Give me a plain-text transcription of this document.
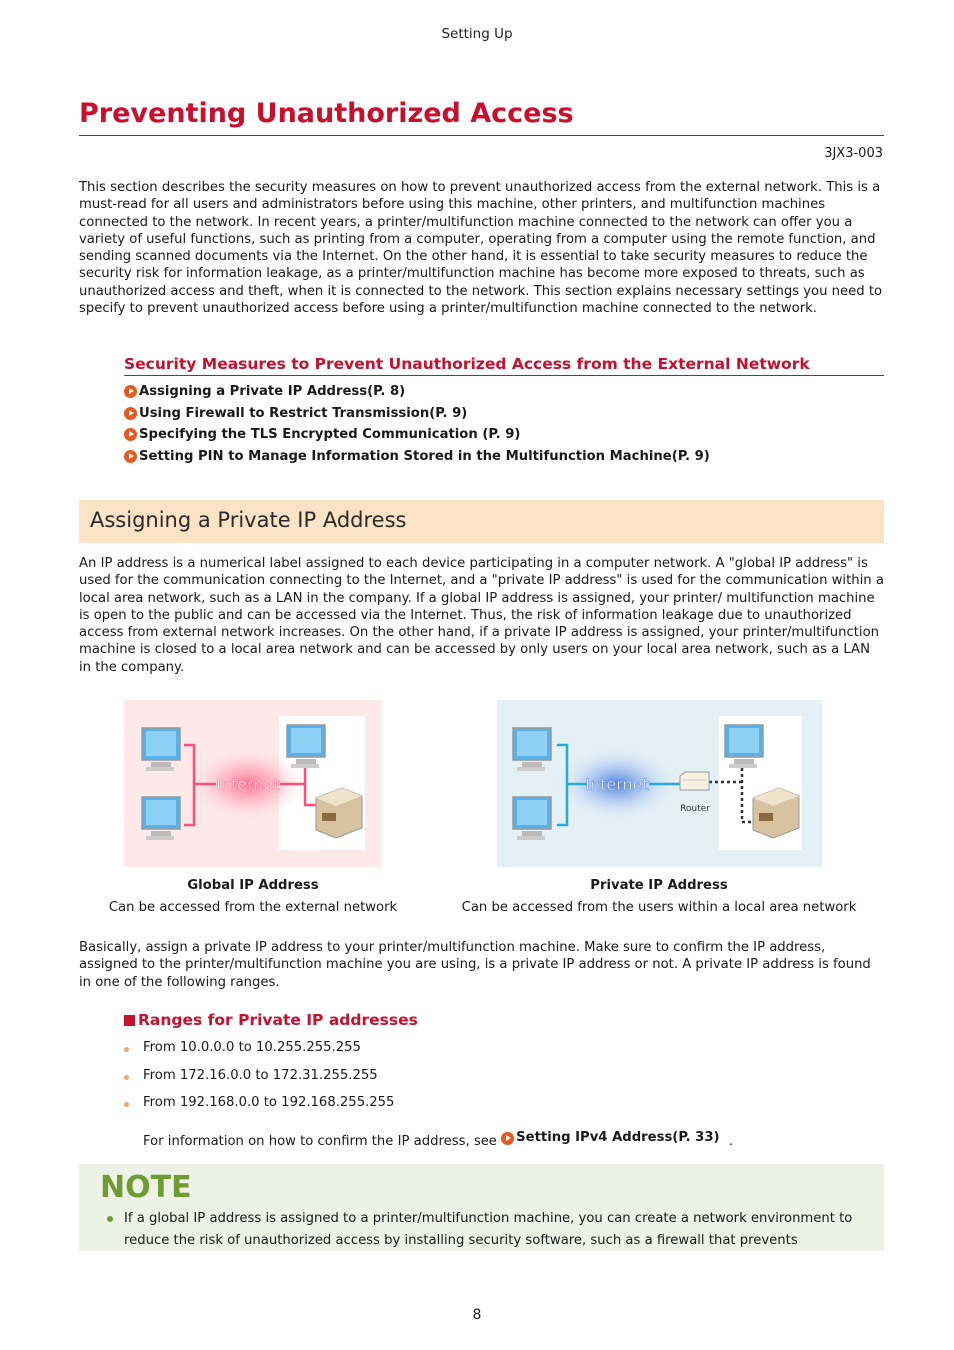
Setting Up
Preventing Unauthorized Access
3JX3-003
This section describes the security measures on how to prevent unauthorized access from the external network. This is a must-read for all users and administrators before using this machine, other printers, and multifunction machines connected to the network. In recent years, a printer/multifunction machine connected to the network can offer you a variety of useful functions, such as printing from a computer, operating from a computer using the remote function, and sending scanned documents via the Internet. On the other hand, it is essential to take security measures to reduce the security risk for information leakage, as a printer/multifunction machine has become more exposed to threats, such as unauthorized access and theft, when it is connected to the network. This section explains necessary settings you need to specify to prevent unauthorized access before using a printer/multifunction machine connected to the network.
Security Measures to Prevent Unauthorized Access from the External Network
Assigning a Private IP Address(P. 8)
Using Firewall to Restrict Transmission(P. 9)
Specifying the TLS Encrypted Communication (P. 9)
Setting PIN to Manage Information Stored in the Multifunction Machine(P. 9)
Assigning a Private IP Address
An IP address is a numerical label assigned to each device participating in a computer network. A "global IP address" is used for the communication connecting to the Internet, and a "private IP address" is used for the communication within a local area network, such as a LAN in the company. If a global IP address is assigned, your printer/ multifunction machine is open to the public and can be accessed via the Internet. Thus, the risk of information leakage due to unauthorized access from external network increases. On the other hand, if a private IP address is assigned, your printer/multifunction machine is closed to a local area network and can be accessed by only users on your local area network, such as a LAN in the company.
Internet
Global IP Address
Can be accessed from the external network
Router
Internet
Private IP Address
Can be accessed from the users within a local area network
Basically, assign a private IP address to your printer/multifunction machine. Make sure to confirm the IP address, assigned to the printer/multifunction machine you are using, is a private IP address or not. A private IP address is found in one of the following ranges.
Ranges for Private IP addresses
From 10.0.0.0 to 10.255.255.255
From 172.16.0.0 to 172.31.255.255
From 192.168.0.0 to 192.168.255.255
For information on how to confirm the IP address, see Setting IPv4 Address(P. 33) .
NOTE
If a global IP address is assigned to a printer/multifunction machine, you can create a network environment to reduce the risk of unauthorized access by installing security software, such as a firewall that prevents
8
